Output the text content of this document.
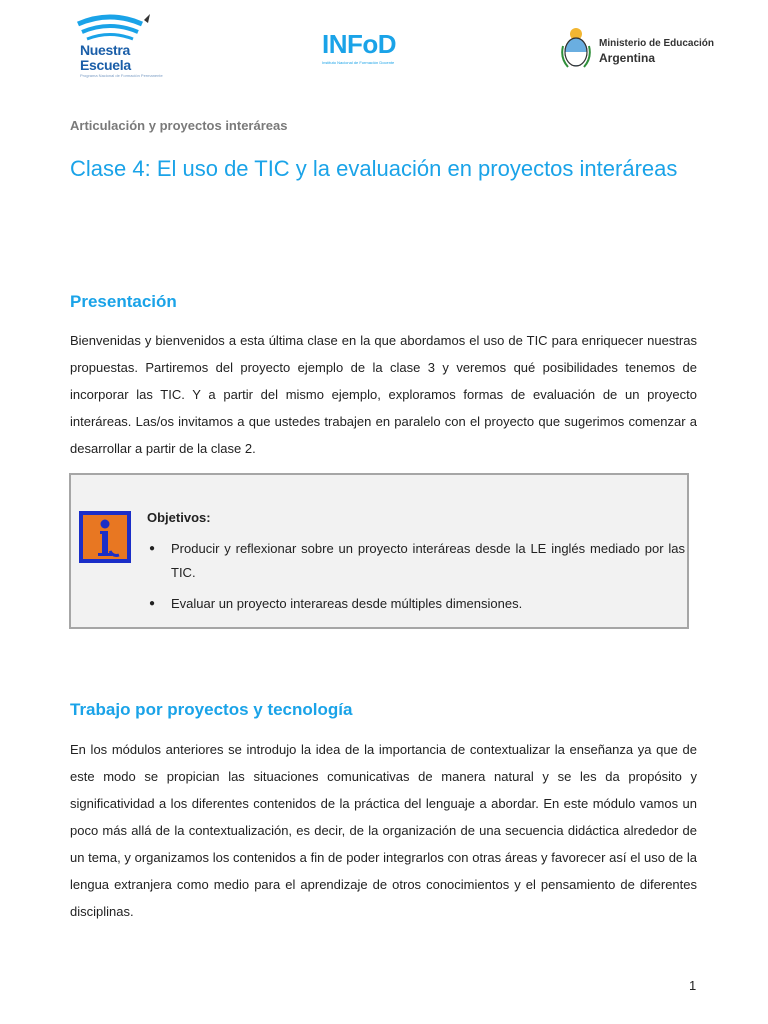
Nuestra
Escuela
Programa Nacional de Formación Permanente
INFoD
Instituto Nacional de Formación Docente
Ministerio de Educación
Argentina
Articulación y proyectos interáreas
Clase 4: El uso de TIC y la evaluación en proyectos interáreas
Presentación

Bienvenidas y bienvenidos a esta última clase en la que abordamos el uso de TIC para enriquecer nuestras propuestas. Partiremos del proyecto ejemplo de la clase 3 y veremos qué posibilidades tenemos de incorporar las TIC. Y a partir del mismo ejemplo, exploramos formas de evaluación de un proyecto interáreas. Las/os invitamos a que ustedes trabajen en paralelo con el proyecto que sugerimos comenzar a desarrollar a partir de la clase 2.

Objetivos:
● Producir y reflexionar sobre un proyecto interáreas desde la LE inglés mediado por las TIC.
● Evaluar un proyecto interareas desde múltiples dimensiones.
Trabajo por proyectos y tecnología

En los módulos anteriores se introdujo la idea de la importancia de contextualizar la enseñanza ya que de este modo se propician las situaciones comunicativas de manera natural y se les da propósito y significatividad a los diferentes contenidos de la práctica del lenguaje a abordar. En este módulo vamos un poco más allá de la contextualización, es decir, de la organización de una secuencia didáctica alrededor de un tema, y organizamos los contenidos a fin de poder integrarlos con otras áreas y favorecer así el uso de la lengua extranjera como medio para el aprendizaje de otros conocimientos y el pensamiento de diferentes disciplinas.

1
